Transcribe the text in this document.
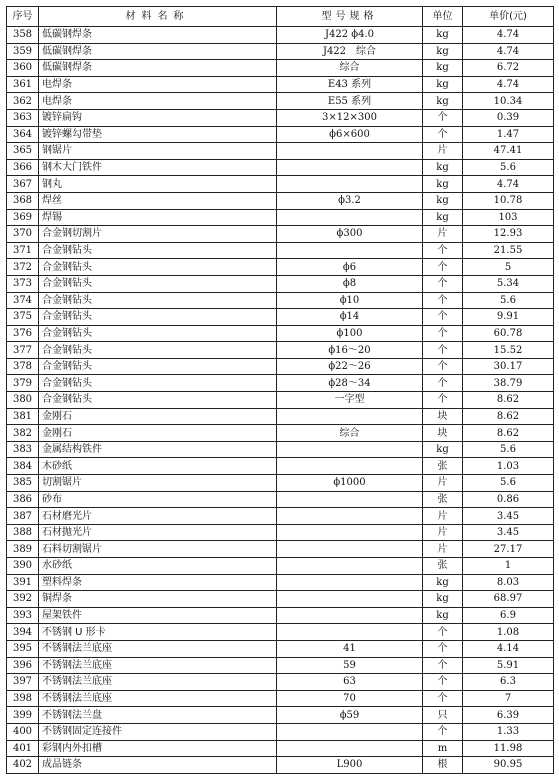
序号	材料名称	型号规格	单位	单价(元)
358	低碳钢焊条	J422 ϕ4.0	kg	4.74
359	低碳钢焊条	J422　综合	kg	4.74
360	低碳钢焊条	综合	kg	6.72
361	电焊条	E43 系列	kg	4.74
362	电焊条	E55 系列	kg	10.34
363	镀锌扁钩	3×12×300	个	0.39
364	镀锌螺勾带垫	ϕ6×600	个	1.47
365	钢锯片		片	47.41
366	钢木大门铁件		kg	5.6
367	钢丸		kg	4.74
368	焊丝	ϕ3.2	kg	10.78
369	焊锡		kg	103
370	合金钢切割片	ϕ300	片	12.93
371	合金钢钻头		个	21.55
372	合金钢钻头	ϕ6	个	5
373	合金钢钻头	ϕ8	个	5.34
374	合金钢钻头	ϕ10	个	5.6
375	合金钢钻头	ϕ14	个	9.91
376	合金钢钻头	ϕ100	个	60.78
377	合金钢钻头	ϕ16～20	个	15.52
378	合金钢钻头	ϕ22～26	个	30.17
379	合金钢钻头	ϕ28～34	个	38.79
380	合金钢钻头	一字型	个	8.62
381	金刚石		块	8.62
382	金刚石	综合	块	8.62
383	金属结构铁件		kg	5.6
384	木砂纸		张	1.03
385	切割锯片	ϕ1000	片	5.6
386	砂布		张	0.86
387	石材磨光片		片	3.45
388	石材抛光片		片	3.45
389	石料切割锯片		片	27.17
390	水砂纸		张	1
391	塑料焊条		kg	8.03
392	铜焊条		kg	68.97
393	屋架铁件		kg	6.9
394	不锈钢 U 形卡		个	1.08
395	不锈钢法兰底座	41	个	4.14
396	不锈钢法兰底座	59	个	5.91
397	不锈钢法兰底座	63	个	6.3
398	不锈钢法兰底座	70	个	7
399	不锈钢法兰盘	ϕ59	只	6.39
400	不锈钢固定连接件		个	1.33
401	彩钢内外扣槽		m	11.98
402	成品链条	L900	根	90.95
